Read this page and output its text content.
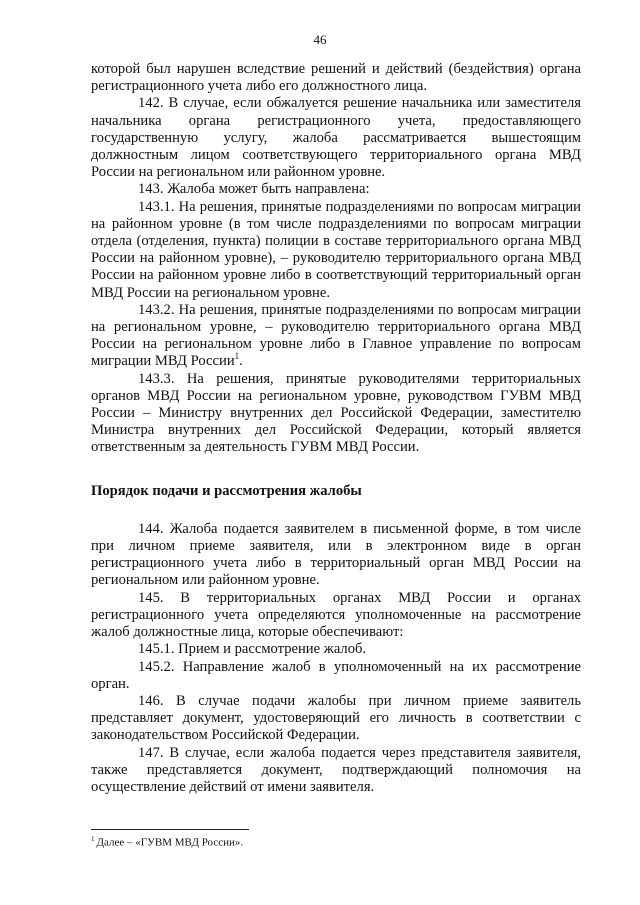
46

которой был нарушен вследствие решений и действий (бездействия) органа регистрационного учета либо его должностного лица.

142. В случае, если обжалуется решение начальника или заместителя начальника органа регистрационного учета, предоставляющего государственную услугу, жалоба рассматривается вышестоящим должностным лицом соответствующего территориального органа МВД России на региональном или районном уровне.

143. Жалоба может быть направлена:

143.1. На решения, принятые подразделениями по вопросам миграции на районном уровне (в том числе подразделениями по вопросам миграции отдела (отделения, пункта) полиции в составе территориального органа МВД России на районном уровне), – руководителю территориального органа МВД России на районном уровне либо в соответствующий территориальный орган МВД России на региональном уровне.

143.2. На решения, принятые подразделениями по вопросам миграции на региональном уровне, – руководителю территориального органа МВД России на региональном уровне либо в Главное управление по вопросам миграции МВД России$^1$.

143.3. На решения, принятые руководителями территориальных органов МВД России на региональном уровне, руководством ГУВМ МВД России – Министру внутренних дел Российской Федерации, заместителю Министра внутренних дел Российской Федерации, который является ответственным за деятельность ГУВМ МВД России.

Порядок подачи и рассмотрения жалобы

144. Жалоба подается заявителем в письменной форме, в том числе при личном приеме заявителя, или в электронном виде в орган регистрационного учета либо в территориальный орган МВД России на региональном или районном уровне.

145. В территориальных органах МВД России и органах регистрационного учета определяются уполномоченные на рассмотрение жалоб должностные лица, которые обеспечивают:

145.1. Прием и рассмотрение жалоб.

145.2. Направление жалоб в уполномоченный на их рассмотрение орган.

146. В случае подачи жалобы при личном приеме заявитель представляет документ, удостоверяющий его личность в соответствии с законодательством Российской Федерации.

147. В случае, если жалоба подается через представителя заявителя, также представляется документ, подтверждающий полномочия на осуществление действий от имени заявителя.

$^1$ Далее – «ГУВМ МВД России».
